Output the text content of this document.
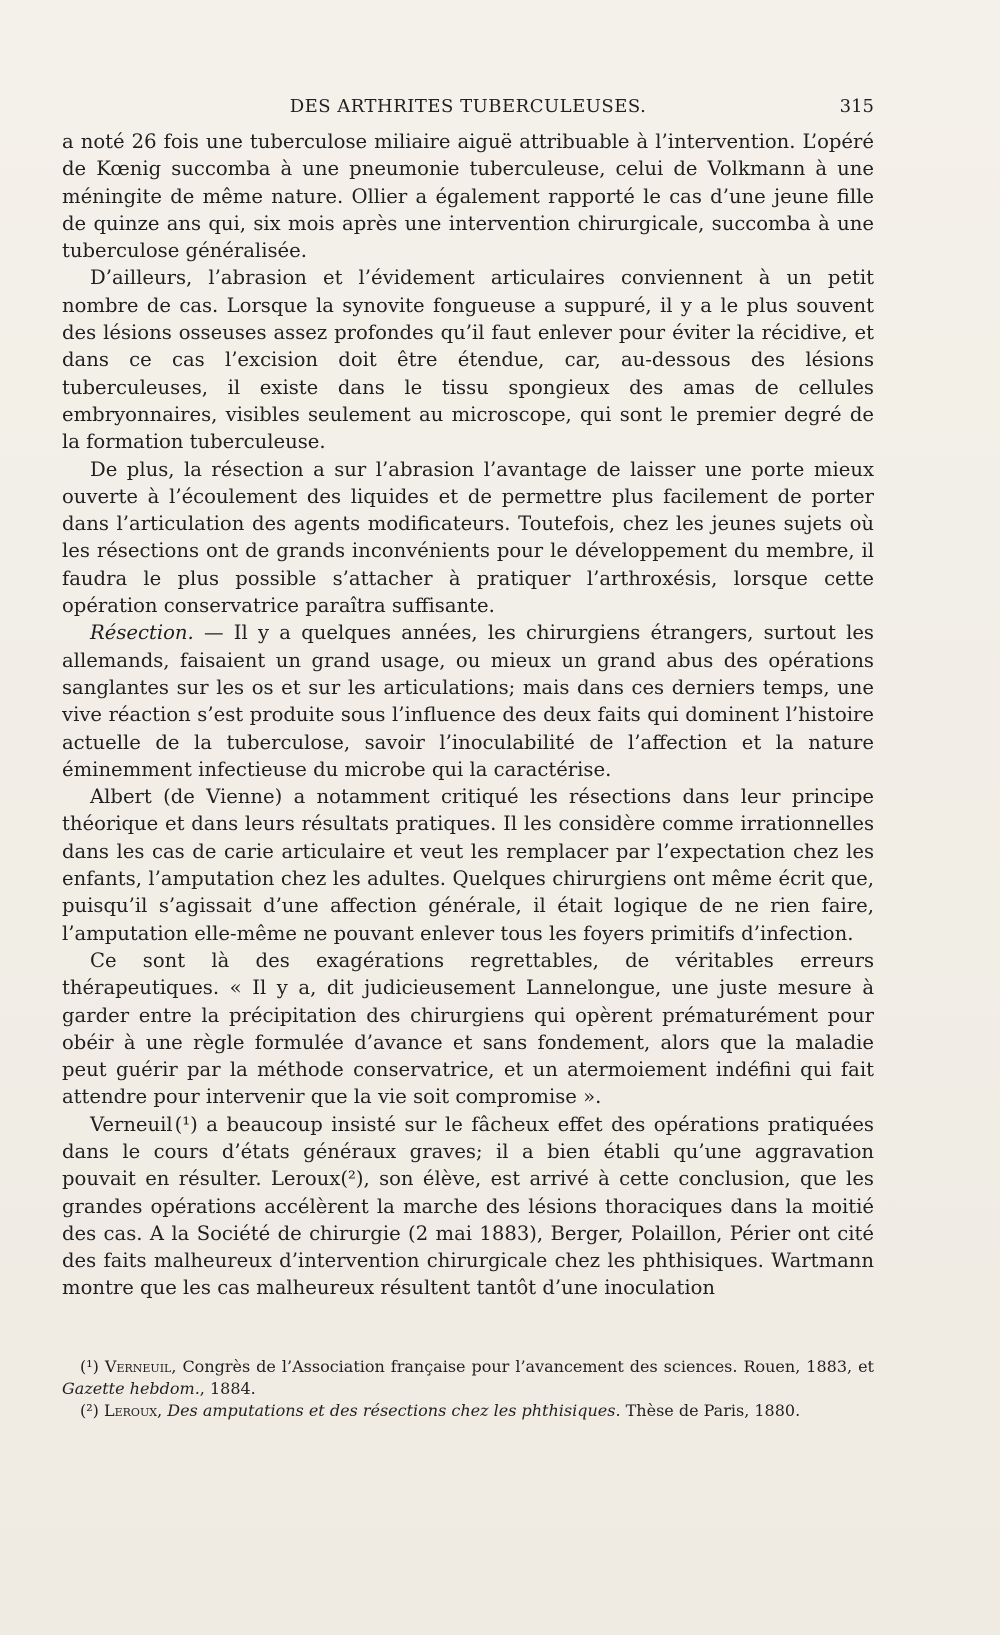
DES ARTHRITES TUBERCULEUSES.	315

a noté 26 fois une tuberculose miliaire aiguë attribuable à l’intervention. L’opéré de Kœnig succomba à une pneumonie tuberculeuse, celui de Volkmann à une méningite de même nature. Ollier a également rapporté le cas d’une jeune fille de quinze ans qui, six mois après une intervention chirurgicale, succomba à une tuberculose généralisée.

D’ailleurs, l’abrasion et l’évidement articulaires conviennent à un petit nombre de cas. Lorsque la synovite fongueuse a suppuré, il y a le plus souvent des lésions osseuses assez profondes qu’il faut enlever pour éviter la récidive, et dans ce cas l’excision doit être étendue, car, au-dessous des lésions tuberculeuses, il existe dans le tissu spongieux des amas de cellules embryonnaires, visibles seulement au microscope, qui sont le premier degré de la formation tuberculeuse.

De plus, la résection a sur l’abrasion l’avantage de laisser une porte mieux ouverte à l’écoulement des liquides et de permettre plus facilement de porter dans l’articulation des agents modificateurs. Toutefois, chez les jeunes sujets où les résections ont de grands inconvénients pour le développement du membre, il faudra le plus possible s’attacher à pratiquer l’arthroxésis, lorsque cette opération conservatrice paraîtra suffisante.

Résection. — Il y a quelques années, les chirurgiens étrangers, surtout les allemands, faisaient un grand usage, ou mieux un grand abus des opérations sanglantes sur les os et sur les articulations; mais dans ces derniers temps, une vive réaction s’est produite sous l’influence des deux faits qui dominent l’histoire actuelle de la tuberculose, savoir l’inoculabilité de l’affection et la nature éminemment infectieuse du microbe qui la caractérise.

Albert (de Vienne) a notamment critiqué les résections dans leur principe théorique et dans leurs résultats pratiques. Il les considère comme irrationnelles dans les cas de carie articulaire et veut les remplacer par l’expectation chez les enfants, l’amputation chez les adultes. Quelques chirurgiens ont même écrit que, puisqu’il s’agissait d’une affection générale, il était logique de ne rien faire, l’amputation elle-même ne pouvant enlever tous les foyers primitifs d’infection.

Ce sont là des exagérations regrettables, de véritables erreurs thérapeutiques. « Il y a, dit judicieusement Lannelongue, une juste mesure à garder entre la précipitation des chirurgiens qui opèrent prématurément pour obéir à une règle formulée d’avance et sans fondement, alors que la maladie peut guérir par la méthode conservatrice, et un atermoiement indéfini qui fait attendre pour intervenir que la vie soit compromise ».

Verneuil (¹) a beaucoup insisté sur le fâcheux effet des opérations pratiquées dans le cours d’états généraux graves; il a bien établi qu’une aggravation pouvait en résulter. Leroux(²), son élève, est arrivé à cette conclusion, que les grandes opérations accélèrent la marche des lésions thoraciques dans la moitié des cas. A la Société de chirurgie (2 mai 1883), Berger, Polaillon, Périer ont cité des faits malheureux d’intervention chirurgicale chez les phthisiques. Wartmann montre que les cas malheureux résultent tantôt d’une inoculation

(¹) Verneuil, Congrès de l’Association française pour l’avancement des sciences. Rouen, 1883, et Gazette hebdom., 1884.

(²) Leroux, Des amputations et des résections chez les phthisiques. Thèse de Paris, 1880.
